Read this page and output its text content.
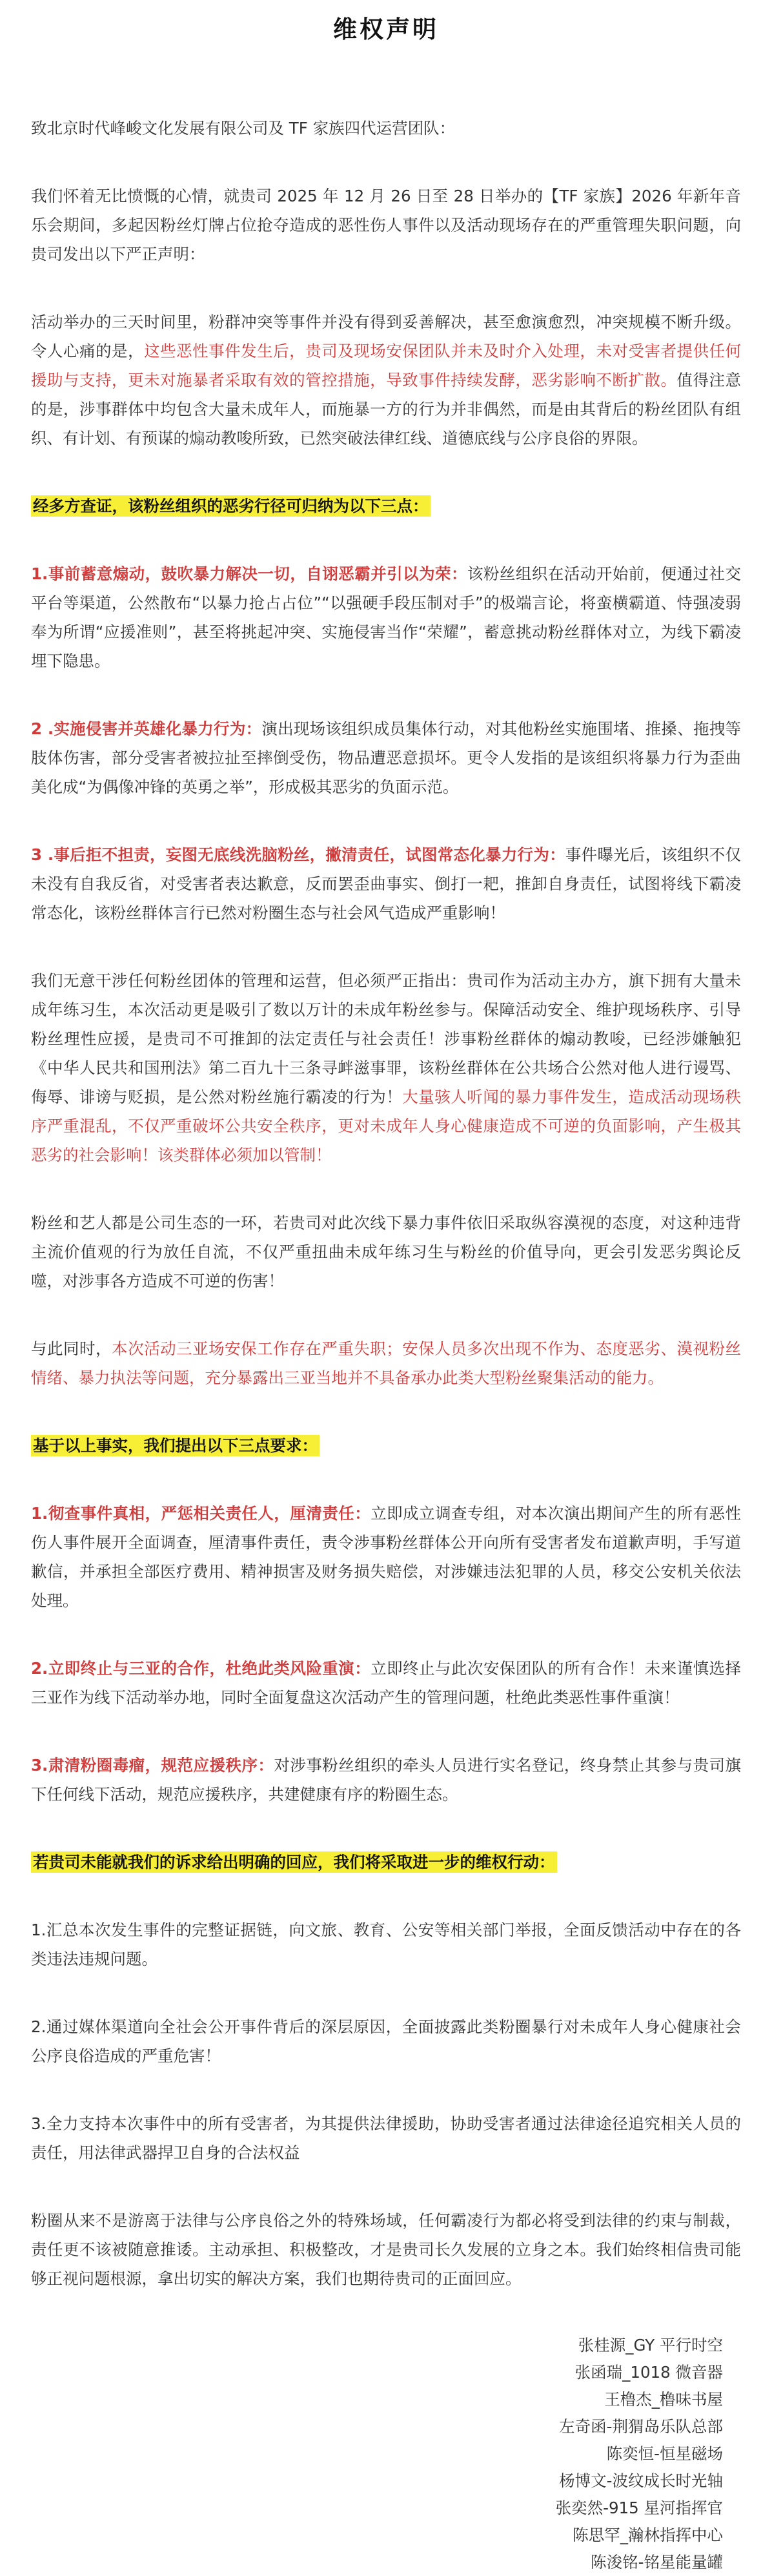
维权声明

致北京时代峰峻文化发展有限公司及 TF 家族四代运营团队：

我们怀着无比愤慨的心情，就贵司 2025 年 12 月 26 日至 28 日举办的【TF 家族】2026 年新年音乐会期间，多起因粉丝灯牌占位抢夺造成的恶性伤人事件以及活动现场存在的严重管理失职问题，向贵司发出以下严正声明：

活动举办的三天时间里，粉群冲突等事件并没有得到妥善解决，甚至愈演愈烈，冲突规模不断升级。令人心痛的是，这些恶性事件发生后，贵司及现场安保团队并未及时介入处理，未对受害者提供任何援助与支持，更未对施暴者采取有效的管控措施，导致事件持续发酵，恶劣影响不断扩散。值得注意的是，涉事群体中均包含大量未成年人，而施暴一方的行为并非偶然，而是由其背后的粉丝团队有组织、有计划、有预谋的煽动教唆所致，已然突破法律红线、道德底线与公序良俗的界限。

经多方查证，该粉丝组织的恶劣行径可归纳为以下三点：

1.事前蓄意煽动，鼓吹暴力解决一切，自诩恶霸并引以为荣：该粉丝组织在活动开始前，便通过社交平台等渠道，公然散布“以暴力抢占占位”“以强硬手段压制对手”的极端言论，将蛮横霸道、恃强凌弱奉为所谓“应援准则”，甚至将挑起冲突、实施侵害当作“荣耀”，蓄意挑动粉丝群体对立，为线下霸凌埋下隐患。

2 .实施侵害并英雄化暴力行为：演出现场该组织成员集体行动，对其他粉丝实施围堵、推搡、拖拽等肢体伤害，部分受害者被拉扯至摔倒受伤，物品遭恶意损坏。更令人发指的是该组织将暴力行为歪曲美化成“为偶像冲锋的英勇之举”，形成极其恶劣的负面示范。

3 .事后拒不担责，妄图无底线洗脑粉丝，撇清责任，试图常态化暴力行为：事件曝光后，该组织不仅未没有自我反省，对受害者表达歉意，反而罢歪曲事实、倒打一耙，推卸自身责任，试图将线下霸凌常态化，该粉丝群体言行已然对粉圈生态与社会风气造成严重影响！

我们无意干涉任何粉丝团体的管理和运营，但必须严正指出：贵司作为活动主办方，旗下拥有大量未成年练习生，本次活动更是吸引了数以万计的未成年粉丝参与。保障活动安全、维护现场秩序、引导粉丝理性应援，是贵司不可推卸的法定责任与社会责任！涉事粉丝群体的煽动教唆，已经涉嫌触犯《中华人民共和国刑法》第二百九十三条寻衅滋事罪，该粉丝群体在公共场合公然对他人进行谩骂、侮辱、诽谤与贬损，是公然对粉丝施行霸凌的行为！大量骇人听闻的暴力事件发生，造成活动现场秩序严重混乱，不仅严重破坏公共安全秩序，更对未成年人身心健康造成不可逆的负面影响，产生极其恶劣的社会影响！该类群体必须加以管制！

粉丝和艺人都是公司生态的一环，若贵司对此次线下暴力事件依旧采取纵容漠视的态度，对这种违背主流价值观的行为放任自流，不仅严重扭曲未成年练习生与粉丝的价值导向，更会引发恶劣舆论反噬，对涉事各方造成不可逆的伤害！

与此同时，本次活动三亚场安保工作存在严重失职；安保人员多次出现不作为、态度恶劣、漠视粉丝情绪、暴力执法等问题，充分暴露出三亚当地并不具备承办此类大型粉丝聚集活动的能力。

基于以上事实，我们提出以下三点要求：

1.彻查事件真相，严惩相关责任人，厘清责任：立即成立调查专组，对本次演出期间产生的所有恶性伤人事件展开全面调查，厘清事件责任，责令涉事粉丝群体公开向所有受害者发布道歉声明，手写道歉信，并承担全部医疗费用、精神损害及财务损失赔偿，对涉嫌违法犯罪的人员，移交公安机关依法处理。

2.立即终止与三亚的合作，杜绝此类风险重演：立即终止与此次安保团队的所有合作！未来谨慎选择三亚作为线下活动举办地，同时全面复盘这次活动产生的管理问题，杜绝此类恶性事件重演！

3.肃清粉圈毒瘤，规范应援秩序：对涉事粉丝组织的牵头人员进行实名登记，终身禁止其参与贵司旗下任何线下活动，规范应援秩序，共建健康有序的粉圈生态。

若贵司未能就我们的诉求给出明确的回应，我们将采取进一步的维权行动：

1.汇总本次发生事件的完整证据链，向文旅、教育、公安等相关部门举报，全面反馈活动中存在的各类违法违规问题。

2.通过媒体渠道向全社会公开事件背后的深层原因，全面披露此类粉圈暴行对未成年人身心健康社会公序良俗造成的严重危害！

3.全力支持本次事件中的所有受害者，为其提供法律援助，协助受害者通过法律途径追究相关人员的责任，用法律武器捍卫自身的合法权益

粉圈从来不是游离于法律与公序良俗之外的特殊场域，任何霸凌行为都必将受到法律的约束与制裁，责任更不该被随意推诿。主动承担、积极整改，才是贵司长久发展的立身之本。我们始终相信贵司能够正视问题根源，拿出切实的解决方案，我们也期待贵司的正面回应。

张桂源_GY 平行时空
张函瑞_1018 微音器
王橹杰_橹味书屋
左奇函-荆猬岛乐队总部
陈奕恒-恒星磁场
杨博文-波纹成长时光轴
张奕然-915 星河指挥官
陈思罕_瀚林指挥中心
陈浚铭-铭星能量罐
